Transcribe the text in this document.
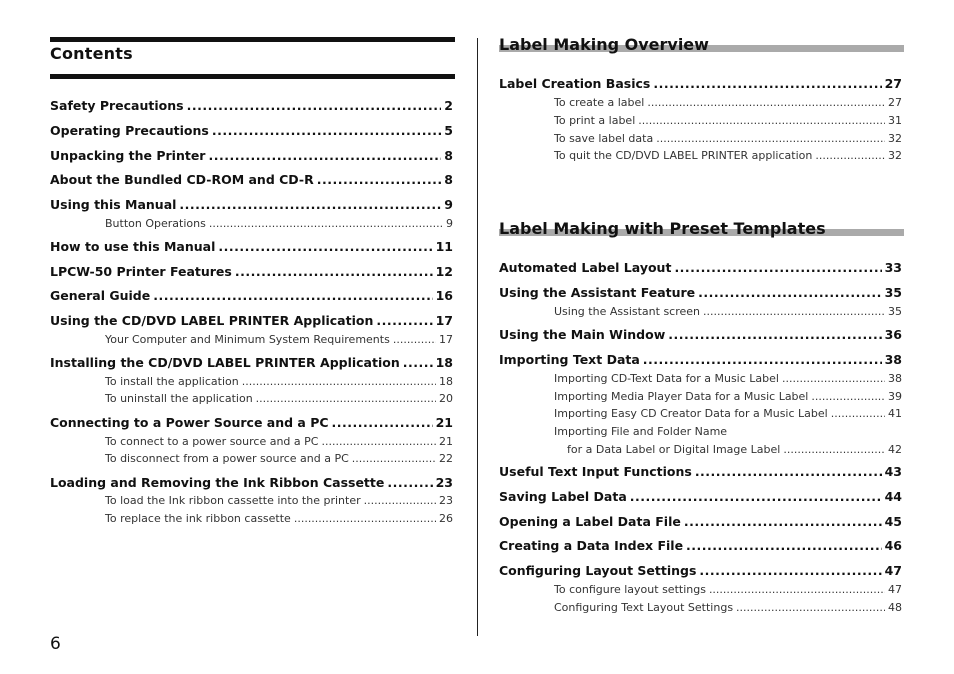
Contents
Safety Precautions .....	2
Operating Precautions .....	5
Unpacking the Printer .....	8
About the Bundled CD-ROM and CD-R .....	8
Using this Manual .....	9
Button Operations .....	9
How to use this Manual .....	11
LPCW-50 Printer Features .....	12
General Guide .....	16
Using the CD/DVD LABEL PRINTER Application .....	17
Your Computer and Minimum System Requirements .....	17
Installing the CD/DVD LABEL PRINTER Application .....	18
To install the application .....	18
To uninstall the application .....	20
Connecting to a Power Source and a PC .....	21
To connect to a power source and a PC .....	21
To disconnect from a power source and a PC .....	22
Loading and Removing the Ink Ribbon Cassette .....	23
To load the Ink ribbon cassette into the printer .....	23
To replace the ink ribbon cassette .....	26
Label Making Overview
Label Creation Basics .....	27
To create a label .....	27
To print a label .....	31
To save label data .....	32
To quit the CD/DVD LABEL PRINTER application .....	32
Label Making with Preset Templates
Automated Label Layout .....	33
Using the Assistant Feature .....	35
Using the Assistant screen .....	35
Using the Main Window .....	36
Importing Text Data .....	38
Importing CD-Text Data for a Music Label .....	38
Importing Media Player Data for a Music Label .....	39
Importing Easy CD Creator Data for a Music Label .....	41
Importing File and Folder Name
for a Data Label or Digital Image Label .....	42
Useful Text Input Functions .....	43
Saving Label Data .....	44
Opening a Label Data File .....	45
Creating a Data Index File .....	46
Configuring Layout Settings .....	47
To configure layout settings .....	47
Configuring Text Layout Settings .....	48
6
